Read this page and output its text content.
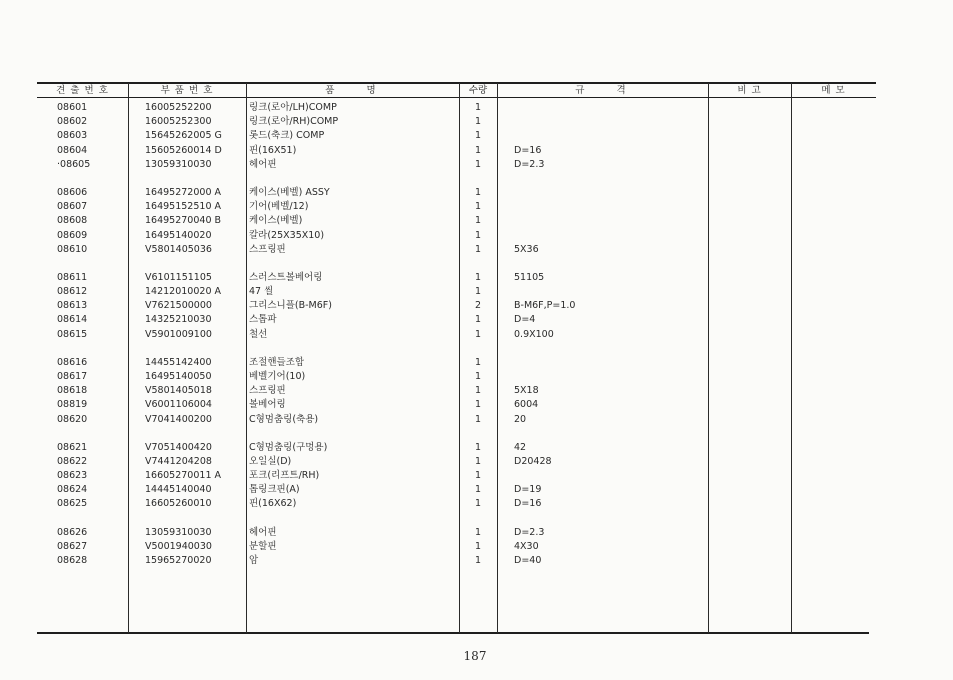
견 출 번 호	부 품 번 호	품    명	수량	규    격	비 고	메 모
08601	16005252200	링크(로아/LH)COMP	1
08602	16005252300	링크(로아/RH)COMP	1
08603	15645262005 G	롯드(축크) COMP	1
08604	15605260014 D	핀(16X51)	1	D=16
·08605	13059310030	헤어핀	1	D=2.3
08606	16495272000 A	케이스(베벨) ASSY	1
08607	16495152510 A	기어(베벨/12)	1
08608	16495270040 B	케이스(베벨)	1
08609	16495140020	칼라(25X35X10)	1
08610	V5801405036	스프링핀	1	5X36
08611	V6101151105	스러스트볼베어링	1	51105
08612	14212010020 A	47 씰	1
08613	V7621500000	그리스니플(B-M6F)	2	B-M6F,P=1.0
08614	14325210030	스톱파	1	D=4
08615	V5901009100	철선	1	0.9X100
08616	14455142400	조절핸들조합	1
08617	16495140050	베벨기어(10)	1
08618	V5801405018	스프링핀	1	5X18
08819	V6001106004	볼베어링	1	6004
08620	V7041400200	C형멈춤링(축용)	1	20
08621	V7051400420	C형멈춤링(구멍용)	1	42
08622	V7441204208	오일실(D)	1	D20428
08623	16605270011 A	포크(리프트/RH)	1
08624	14445140040	톱링크핀(A)	1	D=19
08625	16605260010	핀(16X62)	1	D=16
08626	13059310030	헤어핀	1	D=2.3
08627	V5001940030	분할핀	1	4X30
08628	15965270020	암	1	D=40
187
